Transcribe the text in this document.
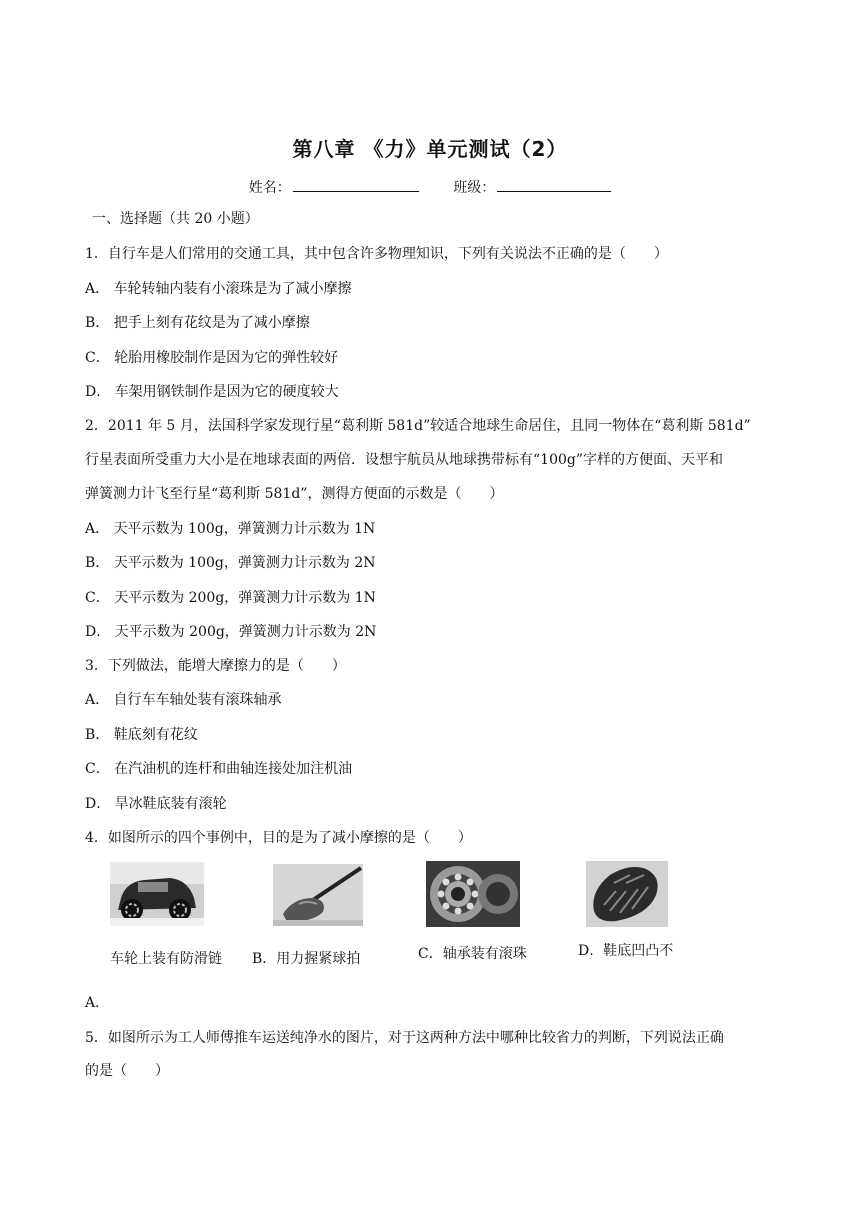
第八章 《力》单元测试（2）
姓名：	班级：
一、选择题（共 20 小题）
1．自行车是人们常用的交通工具，其中包含许多物理知识，下列有关说法不正确的是（　　）
A． 车轮转轴内装有小滚珠是为了减小摩擦
B． 把手上刻有花纹是为了减小摩擦
C． 轮胎用橡胶制作是因为它的弹性较好
D． 车架用钢铁制作是因为它的硬度较大
2．2011 年 5 月，法国科学家发现行星“葛利斯 581d”较适合地球生命居住，且同一物体在“葛利斯 581d”
行星表面所受重力大小是在地球表面的两倍．设想宇航员从地球携带标有“100g”字样的方便面、天平和
弹簧测力计飞至行星“葛利斯 581d”，测得方便面的示数是（　　）
A． 天平示数为 100g，弹簧测力计示数为 1N
B． 天平示数为 100g，弹簧测力计示数为 2N
C． 天平示数为 200g，弹簧测力计示数为 1N
D． 天平示数为 200g，弹簧测力计示数为 2N
3．下列做法，能增大摩擦力的是（　　）
A． 自行车车轴处装有滚珠轴承
B． 鞋底刻有花纹
C． 在汽油机的连杆和曲轴连接处加注机油
D． 旱冰鞋底装有滚轮
4．如图所示的四个事例中，目的是为了减小摩擦的是（　　）
车轮上装有防滑链 B．用力握紧球拍	C．轴承装有滚珠	D．鞋底凹凸不
A．
5．如图所示为工人师傅推车运送纯净水的图片，对于这两种方法中哪种比较省力的判断，下列说法正确
的是（　　）
